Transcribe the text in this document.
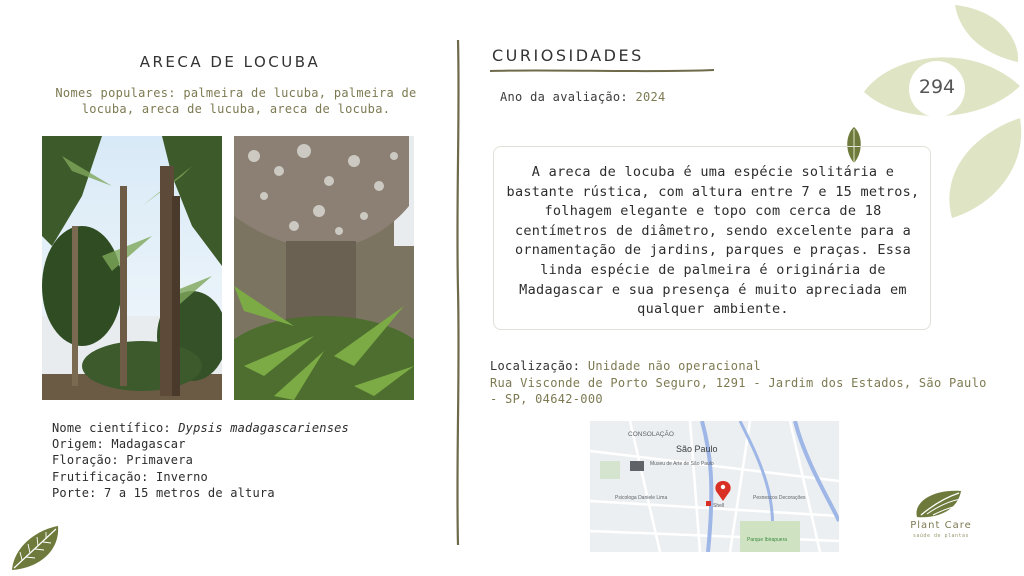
294
ARECA DE LOCUBA
Nomes populares: palmeira de lucuba, palmeira de locuba, areca de lucuba, areca de locuba.
Nome científico: Dypsis madagascarienses
Origem: Madagascar
Floração: Primavera
Frutificação: Inverno
Porte: 7 a 15 metros de altura
CURIOSIDADES
Ano da avaliação: 2024
A areca de locuba é uma espécie solitária e bastante rústica, com altura entre 7 e 15 metros, folhagem elegante e topo com cerca de 18 centímetros de diâmetro, sendo excelente para a ornamentação de jardins, parques e praças. Essa linda espécie de palmeira é originária de Madagascar e sua presença é muito apreciada em qualquer ambiente.
Localização: Unidade não operacional
Rua Visconde de Porto Seguro, 1291 - Jardim dos Estados, São Paulo - SP, 04642-000
CONSOLAÇÃO
São Paulo
Museu de Arte de São Paulo
Psicologa Daniele Lima
Shell
Pesnescos Decorações
Parque Ibirapuera
Plant Care
saúde de plantas
